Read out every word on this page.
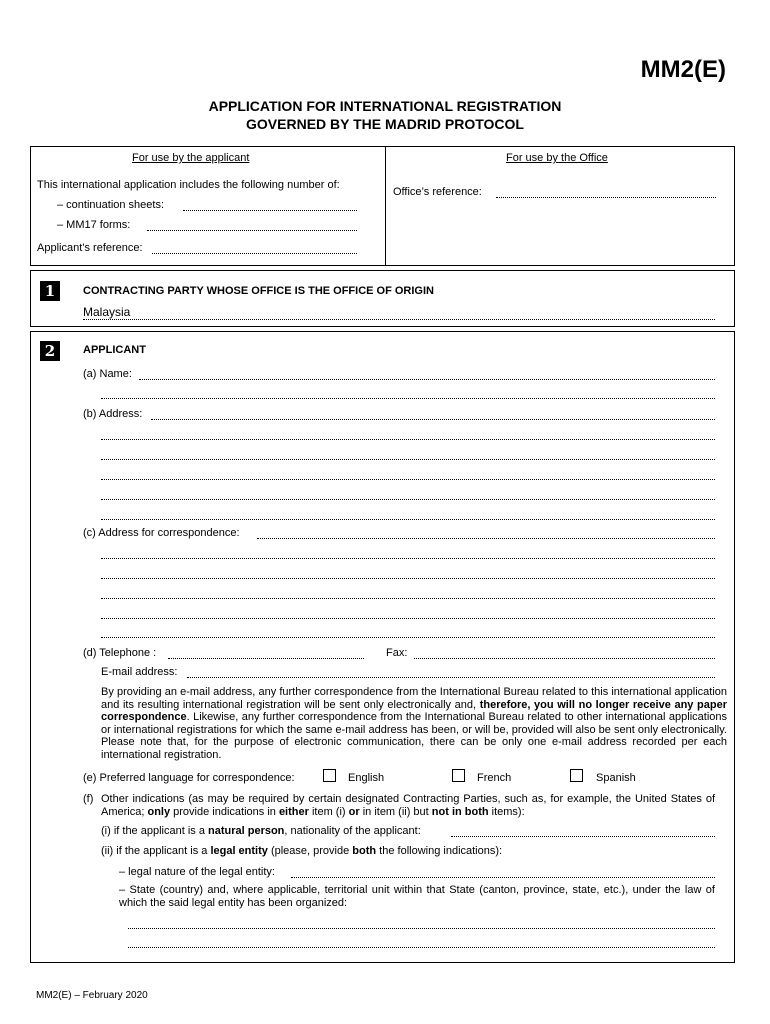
MM2(E)
APPLICATION FOR INTERNATIONAL REGISTRATION
GOVERNED BY THE MADRID PROTOCOL
For use by the applicant	For use by the Office
This international application includes the following number of:
– continuation sheets:
– MM17 forms:
Applicant’s reference:
Office’s reference:
1	CONTRACTING PARTY WHOSE OFFICE IS THE OFFICE OF ORIGIN
Malaysia
2	APPLICANT
(a) Name:
(b) Address:
(c) Address for correspondence:
(d) Telephone :	Fax:
E-mail address:
By providing an e-mail address, any further correspondence from the International Bureau related to this international application and its resulting international registration will be sent only electronically and, therefore, you will no longer receive any paper correspondence. Likewise, any further correspondence from the International Bureau related to other international applications or international registrations for which the same e-mail address has been, or will be, provided will also be sent only electronically. Please note that, for the purpose of electronic communication, there can be only one e-mail address recorded per each international registration.
(e) Preferred language for correspondence:	English	French	Spanish
(f) Other indications (as may be required by certain designated Contracting Parties, such as, for example, the United States of America; only provide indications in either item (i) or in item (ii) but not in both items):
(i) if the applicant is a natural person, nationality of the applicant:
(ii) if the applicant is a legal entity (please, provide both the following indications):
– legal nature of the legal entity:
– State (country) and, where applicable, territorial unit within that State (canton, province, state, etc.), under the law of which the said legal entity has been organized:
MM2(E) – February 2020
